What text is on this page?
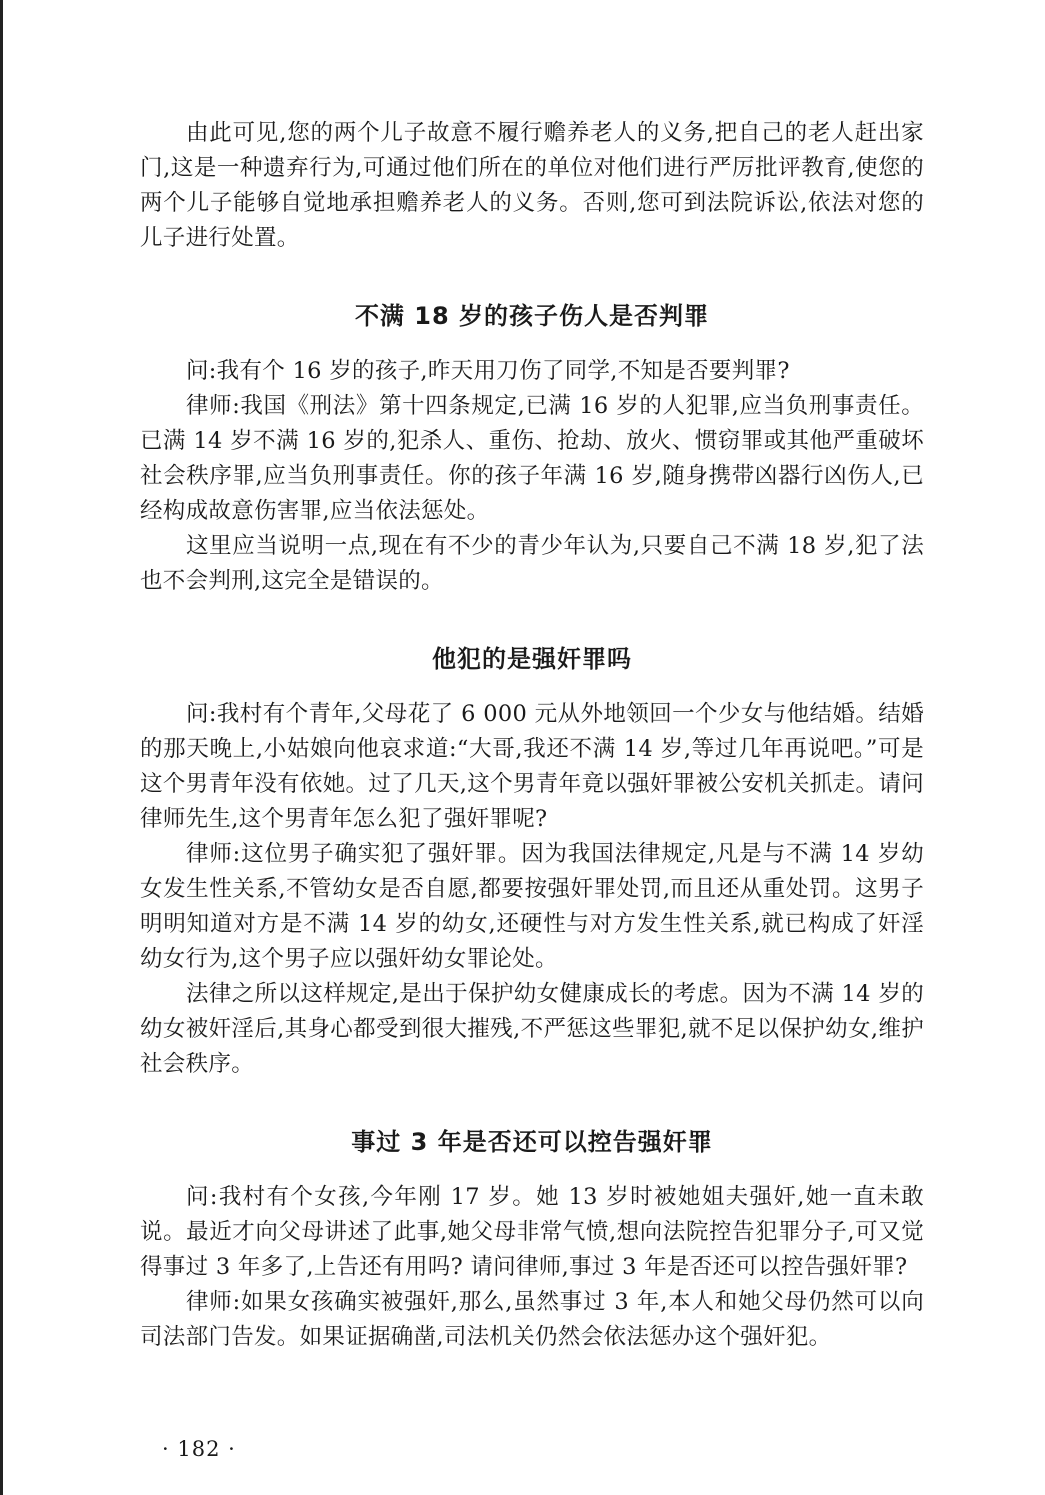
由此可见,您的两个儿子故意不履行赡养老人的义务,把自己的老人赶出家门,这是一种遗弃行为,可通过他们所在的单位对他们进行严厉批评教育,使您的两个儿子能够自觉地承担赡养老人的义务。否则,您可到法院诉讼,依法对您的儿子进行处置。

不满 18 岁的孩子伤人是否判罪

问:我有个 16 岁的孩子,昨天用刀伤了同学,不知是否要判罪?

律师:我国《刑法》第十四条规定,已满 16 岁的人犯罪,应当负刑事责任。已满 14 岁不满 16 岁的,犯杀人、重伤、抢劫、放火、惯窃罪或其他严重破坏社会秩序罪,应当负刑事责任。你的孩子年满 16 岁,随身携带凶器行凶伤人,已经构成故意伤害罪,应当依法惩处。

这里应当说明一点,现在有不少的青少年认为,只要自己不满 18 岁,犯了法也不会判刑,这完全是错误的。

他犯的是强奸罪吗

问:我村有个青年,父母花了 6 000 元从外地领回一个少女与他结婚。结婚的那天晚上,小姑娘向他哀求道:“大哥,我还不满 14 岁,等过几年再说吧。”可是这个男青年没有依她。过了几天,这个男青年竟以强奸罪被公安机关抓走。请问律师先生,这个男青年怎么犯了强奸罪呢?

律师:这位男子确实犯了强奸罪。因为我国法律规定,凡是与不满 14 岁幼女发生性关系,不管幼女是否自愿,都要按强奸罪处罚,而且还从重处罚。这男子明明知道对方是不满 14 岁的幼女,还硬性与对方发生性关系,就已构成了奸淫幼女行为,这个男子应以强奸幼女罪论处。

法律之所以这样规定,是出于保护幼女健康成长的考虑。因为不满 14 岁的幼女被奸淫后,其身心都受到很大摧残,不严惩这些罪犯,就不足以保护幼女,维护社会秩序。

事过 3 年是否还可以控告强奸罪

问:我村有个女孩,今年刚 17 岁。她 13 岁时被她姐夫强奸,她一直未敢说。最近才向父母讲述了此事,她父母非常气愤,想向法院控告犯罪分子,可又觉得事过 3 年多了,上告还有用吗? 请问律师,事过 3 年是否还可以控告强奸罪?

律师:如果女孩确实被强奸,那么,虽然事过 3 年,本人和她父母仍然可以向司法部门告发。如果证据确凿,司法机关仍然会依法惩办这个强奸犯。

· 182 ·
